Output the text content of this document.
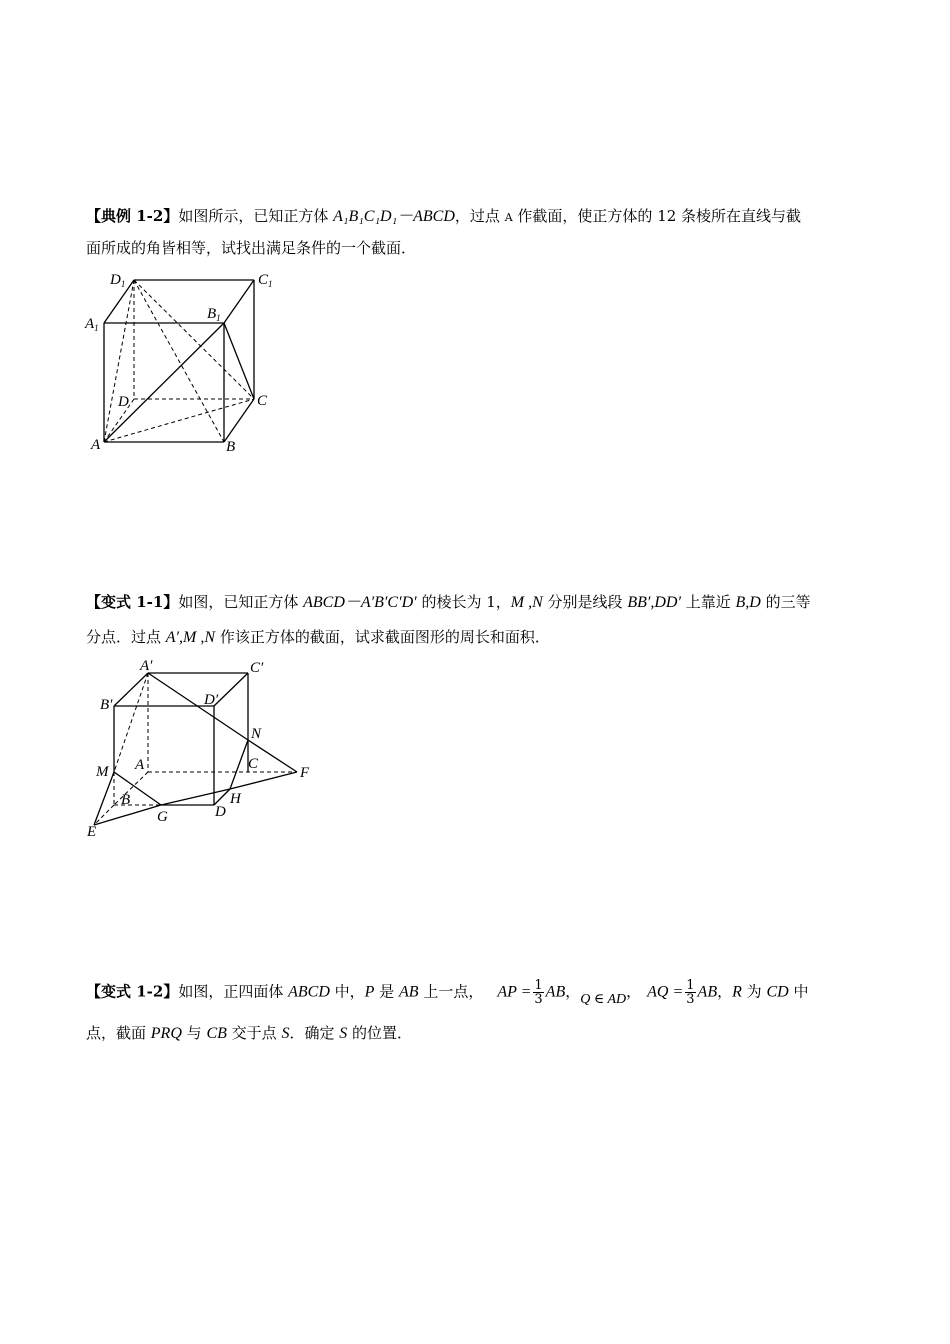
【典例 1-2】如图所示，已知正方体 A₁B₁C₁D₁－ABCD，过点 A 作截面，使正方体的 12 条棱所在直线与截
面所成的角皆相等，试找出满足条件的一个截面．
$D_1$	$C_1$
$A_1$
$B_1$
D	C
A	B
【变式 1-1】如图，已知正方体 ABCD－A′B′C′D′ 的棱长为 1，M ,N 分别是线段 BB′,DD′ 上靠近 B,D 的三等
分点．过点 A′,M ,N 作该正方体的截面，试求截面图形的周长和面积．
A′	C′
B′	D′
N
M A	C
F
B	H
G	D
E
【变式 1-2】如图，正四面体 ABCD 中，P 是 AB 上一点， AP = $\frac{1}{3}$ AB，Q ∈ AD， AQ = $\frac{1}{3}$ AB，R 为 CD 中
点，截面 PRQ 与 CB 交于点 S．确定 S 的位置．
